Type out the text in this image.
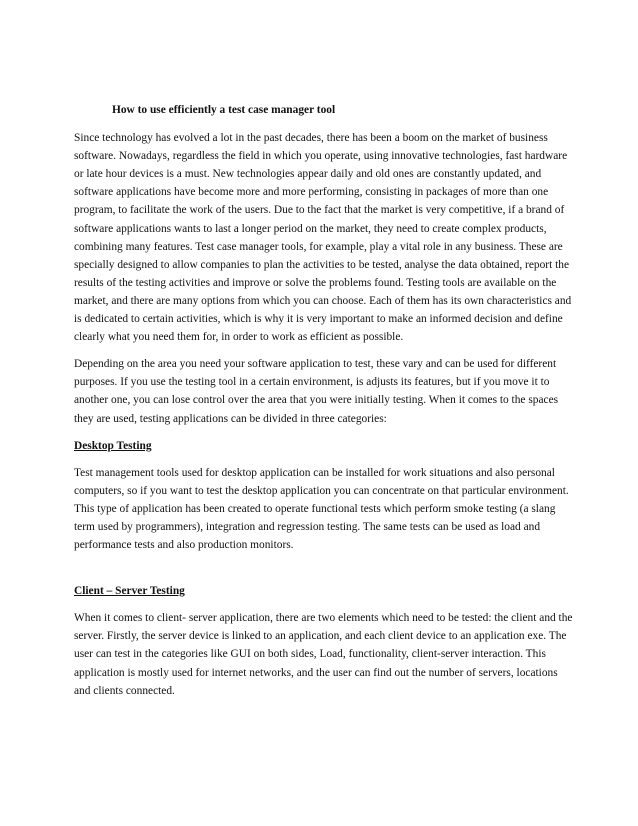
How to use efficiently a test case manager tool

Since technology has evolved a lot in the past decades, there has been a boom on the market of business software. Nowadays, regardless the field in which you operate, using innovative technologies, fast hardware or late hour devices is a must. New technologies appear daily and old ones are constantly updated, and software applications have become more and more performing, consisting in packages of more than one program, to facilitate the work of the users. Due to the fact that the market is very competitive, if a brand of software applications wants to last a longer period on the market, they need to create complex products, combining many features. Test case manager tools, for example, play a vital role in any business. These are specially designed to allow companies to plan the activities to be tested, analyse the data obtained, report the results of the testing activities and improve or solve the problems found. Testing tools are available on the market, and there are many options from which you can choose. Each of them has its own characteristics and is dedicated to certain activities, which is why it is very important to make an informed decision and define clearly what you need them for, in order to work as efficient as possible.

Depending on the area you need your software application to test, these vary and can be used for different purposes. If you use the testing tool in a certain environment, is adjusts its features, but if you move it to another one, you can lose control over the area that you were initially testing. When it comes to the spaces they are used, testing applications can be divided in three categories:

Desktop Testing

Test management tools used for desktop application can be installed for work situations and also personal computers, so if you want to test the desktop application you can concentrate on that particular environment. This type of application has been created to operate functional tests which perform smoke testing (a slang term used by programmers), integration and regression testing. The same tests can be used as load and performance tests and also production monitors.

Client – Server Testing

When it comes to client- server application, there are two elements which need to be tested: the client and the server. Firstly, the server device is linked to an application, and each client device to an application exe. The user can test in the categories like GUI on both sides, Load, functionality, client-server interaction. This application is mostly used for internet networks, and the user can find out the number of servers, locations and clients connected.
